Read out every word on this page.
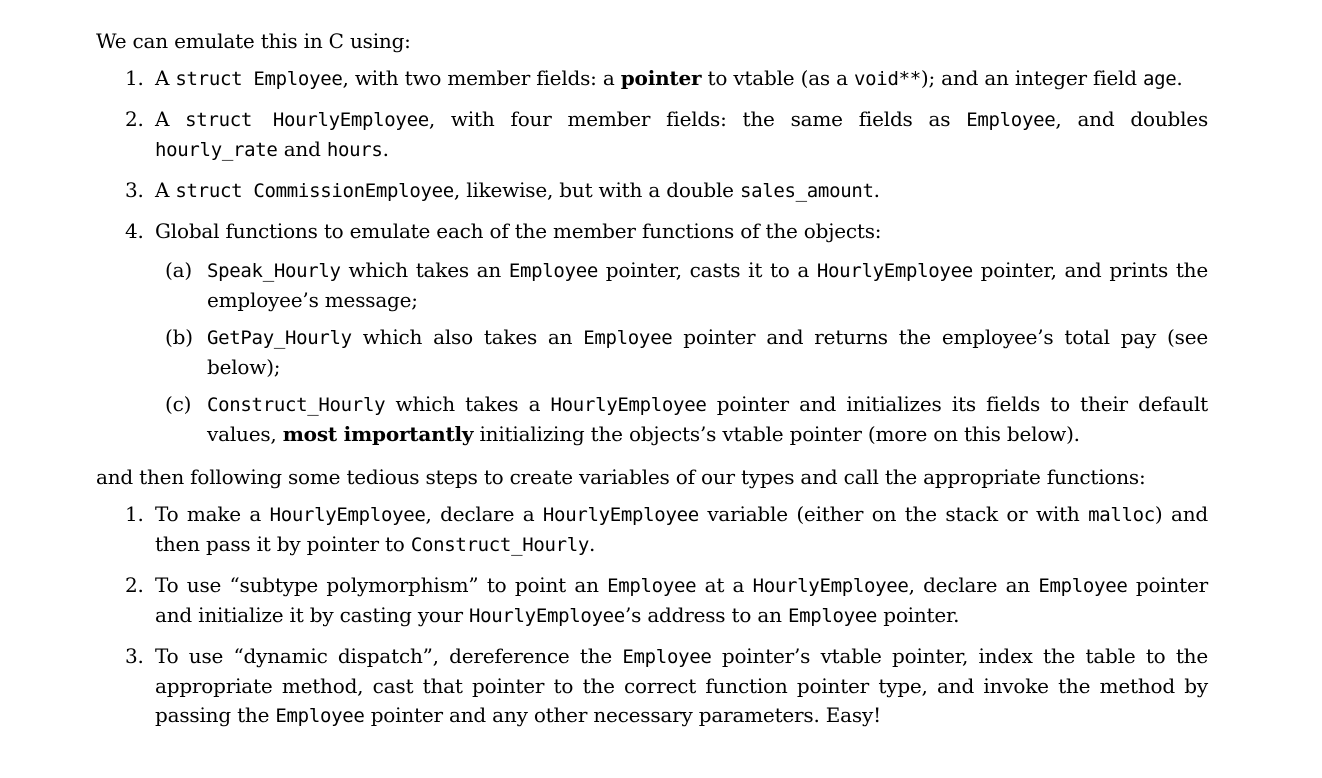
We can emulate this in C using:
1. A struct Employee, with two member fields: a pointer to vtable (as a void**); and an integer field age.
2. A struct HourlyEmployee, with four member fields: the same fields as Employee, and doubles hourly_rate and hours.
3. A struct CommissionEmployee, likewise, but with a double sales_amount.
4. Global functions to emulate each of the member functions of the objects:
(a) Speak_Hourly which takes an Employee pointer, casts it to a HourlyEmployee pointer, and prints the employee’s message;
(b) GetPay_Hourly which also takes an Employee pointer and returns the employee’s total pay (see below);
(c) Construct_Hourly which takes a HourlyEmployee pointer and initializes its fields to their default values, most importantly initializing the objects’s vtable pointer (more on this below).
and then following some tedious steps to create variables of our types and call the appropriate functions:
1. To make a HourlyEmployee, declare a HourlyEmployee variable (either on the stack or with malloc) and then pass it by pointer to Construct_Hourly.
2. To use “subtype polymorphism” to point an Employee at a HourlyEmployee, declare an Employee pointer and initialize it by casting your HourlyEmployee’s address to an Employee pointer.
3. To use “dynamic dispatch”, dereference the Employee pointer’s vtable pointer, index the table to the appropriate method, cast that pointer to the correct function pointer type, and invoke the method by passing the Employee pointer and any other necessary parameters. Easy!
